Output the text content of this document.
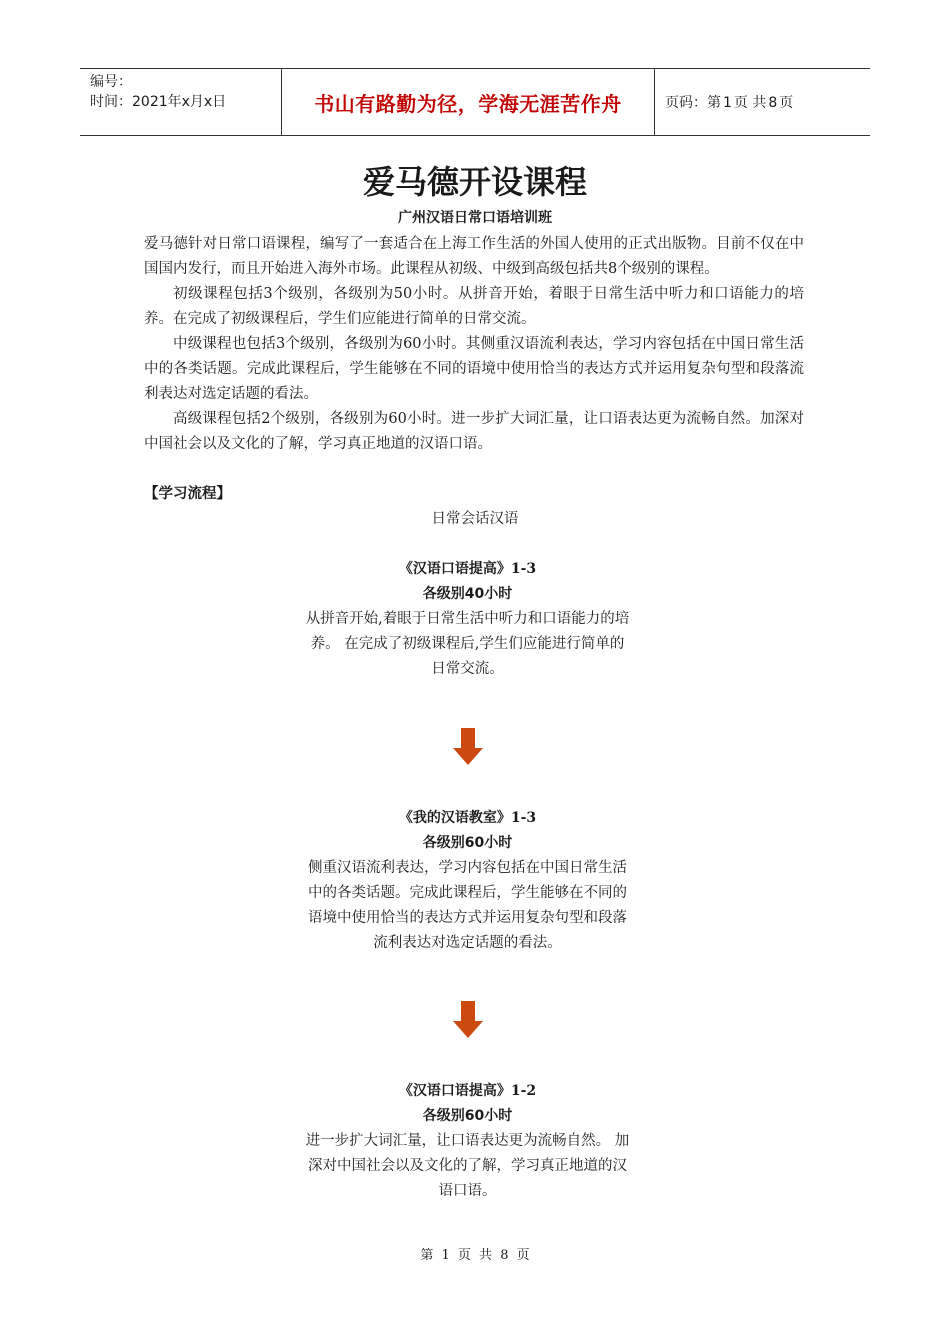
编号：
时间：2021年x月x日	书山有路勤为径，学海无涯苦作舟	页码：第 1 页 共 8 页
爱马德开设课程
广州汉语日常口语培训班

爱马德针对日常口语课程，编写了一套适合在上海工作生活的外国人使用的正式出版物。目前不仅在中国国内发行，而且开始进入海外市场。此课程从初级、中级到高级包括共8个级别的课程。

初级课程包括3个级别，各级别为50小时。从拼音开始，着眼于日常生活中听力和口语能力的培养。在完成了初级课程后，学生们应能进行简单的日常交流。

中级课程也包括3个级别，各级别为60小时。其侧重汉语流利表达，学习内容包括在中国日常生活中的各类话题。完成此课程后，学生能够在不同的语境中使用恰当的表达方式并运用复杂句型和段落流利表达对选定话题的看法。

高级课程包括2个级别，各级别为60小时。进一步扩大词汇量，让口语表达更为流畅自然。加深对中国社会以及文化的了解，学习真正地道的汉语口语。

【学习流程】
日常会话汉语
《汉语口语提高》1-3
各级别40小时
从拼音开始,着眼于日常生活中听力和口语能力的培
养。 在完成了初级课程后,学生们应能进行简单的
日常交流。
《我的汉语教室》1-3
各级别60小时
侧重汉语流利表达，学习内容包括在中国日常生活
中的各类话题。完成此课程后，学生能够在不同的
语境中使用恰当的表达方式并运用复杂句型和段落
流利表达对选定话题的看法。
《汉语口语提高》1-2
各级别60小时
进一步扩大词汇量，让口语表达更为流畅自然。 加
深对中国社会以及文化的了解，学习真正地道的汉
语口语。
第 1 页 共 8 页
